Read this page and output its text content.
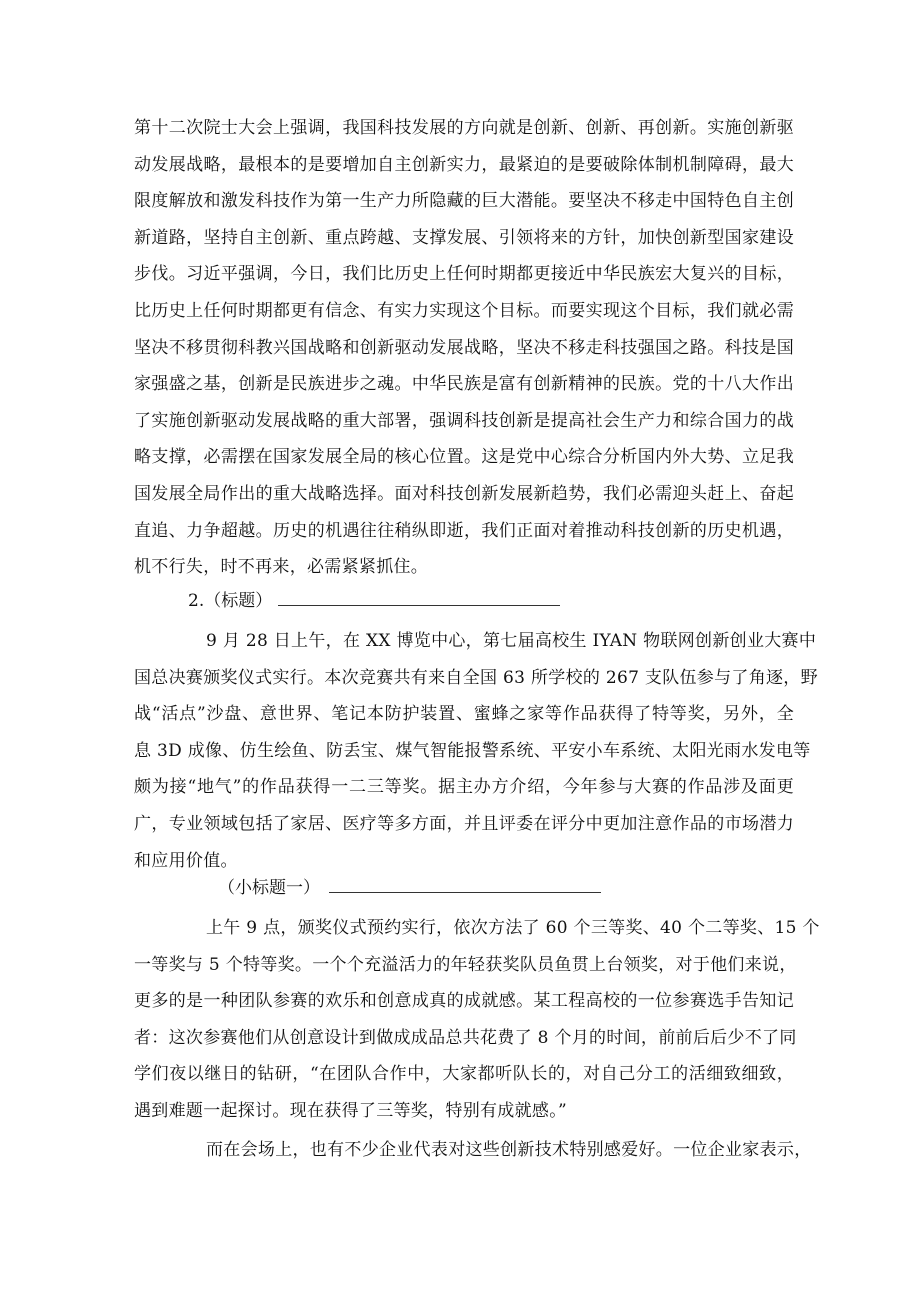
第十二次院士大会上强调，我国科技发展的方向就是创新、创新、再创新。实施创新驱
动发展战略，最根本的是要增加自主创新实力，最紧迫的是要破除体制机制障碍，最大
限度解放和激发科技作为第一生产力所隐藏的巨大潜能。要坚决不移走中国特色自主创
新道路，坚持自主创新、重点跨越、支撑发展、引领将来的方针，加快创新型国家建设
步伐。习近平强调，今日，我们比历史上任何时期都更接近中华民族宏大复兴的目标，
比历史上任何时期都更有信念、有实力实现这个目标。而要实现这个目标，我们就必需
坚决不移贯彻科教兴国战略和创新驱动发展战略，坚决不移走科技强国之路。科技是国
家强盛之基，创新是民族进步之魂。中华民族是富有创新精神的民族。党的十八大作出
了实施创新驱动发展战略的重大部署，强调科技创新是提高社会生产力和综合国力的战
略支撑，必需摆在国家发展全局的核心位置。这是党中心综合分析国内外大势、立足我
国发展全局作出的重大战略选择。面对科技创新发展新趋势，我们必需迎头赶上、奋起
直追、力争超越。历史的机遇往往稍纵即逝，我们正面对着推动科技创新的历史机遇，
机不行失，时不再来，必需紧紧抓住。
2.（标题）
9 月 28 日上午，在 XX 博览中心，第七届高校生 IYAN 物联网创新创业大赛中
国总决赛颁奖仪式实行。本次竞赛共有来自全国 63 所学校的 267 支队伍参与了角逐，野
战“活点”沙盘、意世界、笔记本防护装置、蜜蜂之家等作品获得了特等奖，另外，全
息 3D 成像、仿生绘鱼、防丢宝、煤气智能报警系统、平安小车系统、太阳光雨水发电等
颇为接“地气”的作品获得一二三等奖。据主办方介绍，今年参与大赛的作品涉及面更
广，专业领域包括了家居、医疗等多方面，并且评委在评分中更加注意作品的市场潜力
和应用价值。
（小标题一）
上午 9 点，颁奖仪式预约实行，依次方法了 60 个三等奖、40 个二等奖、15 个
一等奖与 5 个特等奖。一个个充溢活力的年轻获奖队员鱼贯上台领奖，对于他们来说，
更多的是一种团队参赛的欢乐和创意成真的成就感。某工程高校的一位参赛选手告知记
者：这次参赛他们从创意设计到做成成品总共花费了 8 个月的时间，前前后后少不了同
学们夜以继日的钻研，“在团队合作中，大家都听队长的，对自己分工的活细致细致，
遇到难题一起探讨。现在获得了三等奖，特别有成就感。”
而在会场上，也有不少企业代表对这些创新技术特别感爱好。一位企业家表示，
